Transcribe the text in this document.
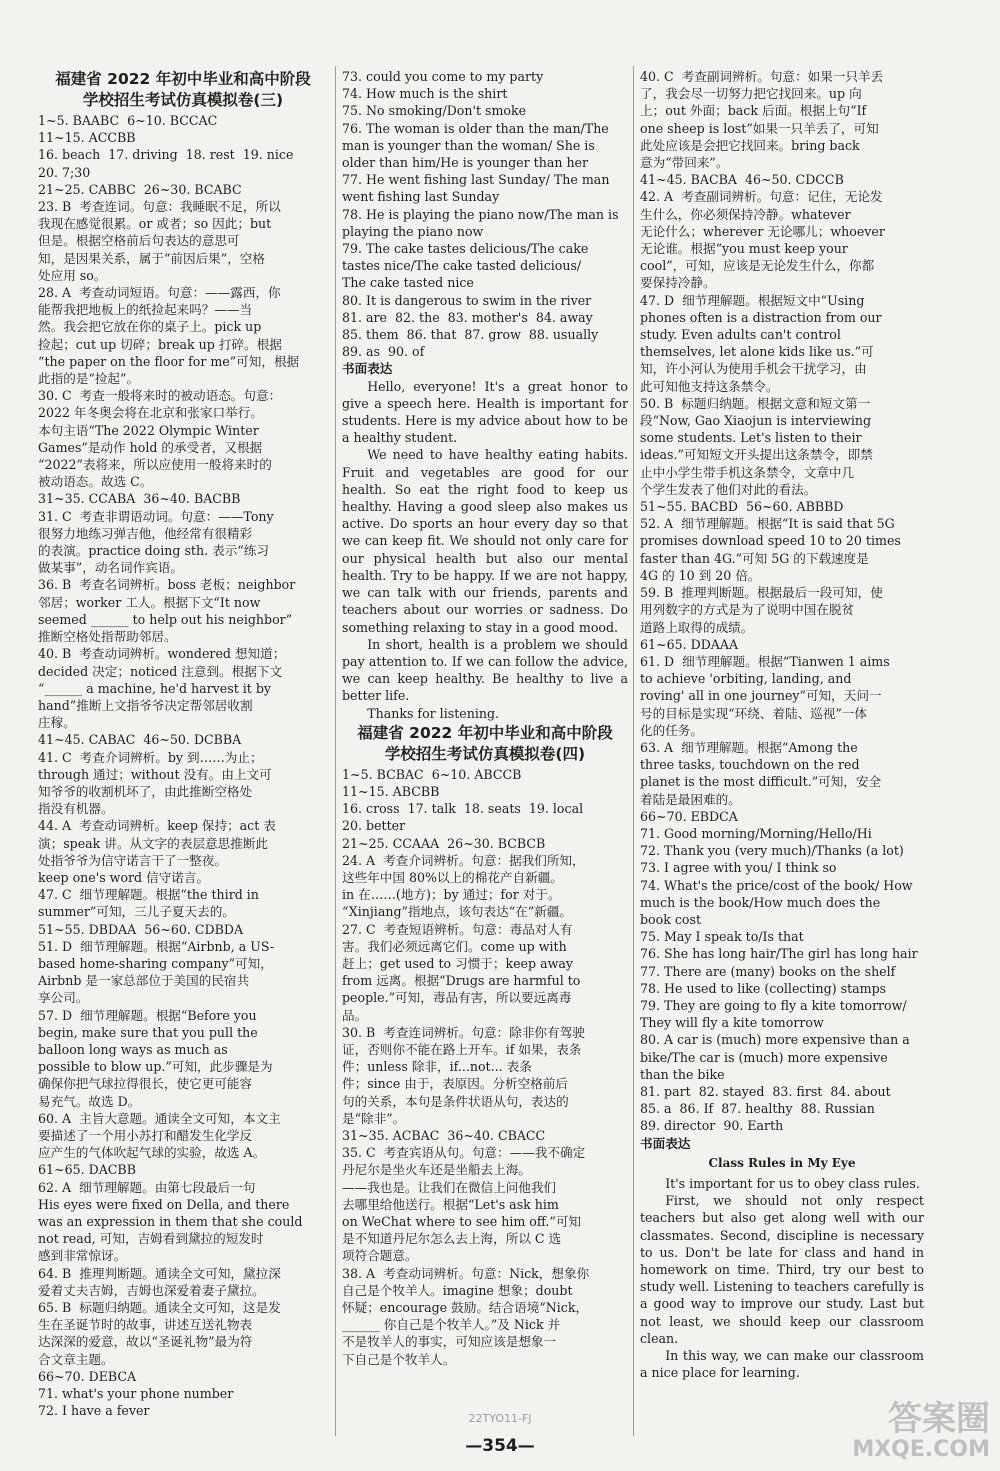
福建省 2022 年初中毕业和高中阶段
学校招生考试仿真模拟卷(三)
1~5. BAABC  6~10. BCCAC
11~15. ACCBB
16. beach  17. driving  18. rest  19. nice
20. 7;30
21~25. CABBC  26~30. BCABC
23. B  考查连词。句意：我睡眠不足，所以
我现在感觉很累。or 或者；so 因此；but
但是。根据空格前后句表达的意思可
知，是因果关系，属于“前因后果”，空格
处应用 so。
28. A  考查动词短语。句意：——露西，你
能帮我把地板上的纸捡起来吗？——当
然。我会把它放在你的桌子上。pick up
捡起；cut up 切碎；break up 打碎。根据
“the paper on the floor for me”可知，根据
此指的是“捡起”。
30. C  考查一般将来时的被动语态。句意：
2022 年冬奥会将在北京和张家口举行。
本句主语“The 2022 Olympic Winter
Games”是动作 hold 的承受者，又根据
“2022”表将来，所以应使用一般将来时的
被动语态。故选 C。
31~35. CCABA  36~40. BACBB
31. C  考查非谓语动词。句意：——Tony
很努力地练习弹吉他，他经常有很精彩
的表演。practice doing sth. 表示“练习
做某事”，动名词作宾语。
36. B  考查名词辨析。boss 老板；neighbor
邻居；worker 工人。根据下文“It now
seemed ______ to help out his neighbor”
推断空格处指帮助邻居。
40. B  考查动词辨析。wondered 想知道；
decided 决定；noticed 注意到。根据下文
“______ a machine, he'd harvest it by
hand”推断上文指爷爷决定帮邻居收割
庄稼。
41~45. CABAC  46~50. DCBBA
41. C  考查介词辨析。by 到……为止；
through 通过；without 没有。由上文可
知爷爷的收割机坏了，由此推断空格处
指没有机器。
44. A  考查动词辨析。keep 保持；act 表
演；speak 讲。从文字的表层意思推断此
处指爷爷为信守诺言干了一整夜。
keep one's word 信守诺言。
47. C  细节理解题。根据“the third in
summer”可知，三儿子夏天去的。
51~55. DBDAA  56~60. CDBDA
51. D  细节理解题。根据“Airbnb, a US-
based home-sharing company”可知，
Airbnb 是一家总部位于美国的民宿共
享公司。
57. D  细节理解题。根据“Before you
begin, make sure that you pull the
balloon long ways as much as
possible to blow up.”可知，此步骤是为
确保你把气球拉得很长，使它更可能容
易充气。故选 D。
60. A  主旨大意题。通读全文可知，本文主
要描述了一个用小苏打和醋发生化学反
应产生的气体吹起气球的实验，故选 A。
61~65. DACBB
62. A  细节理解题。由第七段最后一句
His eyes were fixed on Della, and there
was an expression in them that she could
not read, 可知，吉姆看到黛拉的短发时
感到非常惊讶。
64. B  推理判断题。通读全文可知，黛拉深
爱着丈夫吉姆，吉姆也深爱着妻子黛拉。
65. B  标题归纳题。通读全文可知，这是发
生在圣诞节时的故事，讲述互送礼物表
达深深的爱意，故以“圣诞礼物”最为符
合文章主题。
66~70. DEBCA
71. what's your phone number
72. I have a fever
73. could you come to my party
74. How much is the shirt
75. No smoking/Don't smoke
76. The woman is older than the man/The
man is younger than the woman/ She is
older than him/He is younger than her
77. He went fishing last Sunday/ The man
went fishing last Sunday
78. He is playing the piano now/The man is
playing the piano now
79. The cake tastes delicious/The cake
tastes nice/The cake tasted delicious/
The cake tasted nice
80. It is dangerous to swim in the river
81. are  82. the  83. mother's  84. away
85. them  86. that  87. grow  88. usually
89. as  90. of
书面表达
Hello, everyone! It's a great honor to give a speech here. Health is important for students. Here is my advice about how to be a healthy student.
We need to have healthy eating habits. Fruit and vegetables are good for our health. So eat the right food to keep us healthy. Having a good sleep also makes us active. Do sports an hour every day so that we can keep fit. We should not only care for our physical health but also our mental health. Try to be happy. If we are not happy, we can talk with our friends, parents and teachers about our worries or sadness. Do something relaxing to stay in a good mood.
In short, health is a problem we should pay attention to. If we can follow the advice, we can keep healthy. Be healthy to live a better life.
Thanks for listening.
福建省 2022 年初中毕业和高中阶段
学校招生考试仿真模拟卷(四)
1~5. BCBAC  6~10. ABCCB
11~15. ABCBB
16. cross  17. talk  18. seats  19. local
20. better
21~25. CCAAA  26~30. BCBCB
24. A  考查介词辨析。句意：据我们所知，
这些年中国 80%以上的棉花产自新疆。
in 在……(地方)；by 通过；for 对于。
“Xinjiang”指地点，该句表达“在”新疆。
27. C  考查短语辨析。句意：毒品对人有
害。我们必须远离它们。come up with
赶上；get used to 习惯于；keep away
from 远离。根据“Drugs are harmful to
people.”可知，毒品有害，所以要远离毒
品。
30. B  考查连词辨析。句意：除非你有驾驶
证，否则你不能在路上开车。if 如果，表条
件；unless 除非，if...not... 表条
件；since 由于，表原因。分析空格前后
句的关系，本句是条件状语从句，表达的
是“除非”。
31~35. ACBAC  36~40. CBACC
35. C  考查宾语从句。句意：——我不确定
丹尼尔是坐火车还是坐船去上海。
——我也是。让我们在微信上问他我们
去哪里给他送行。根据“Let's ask him
on WeChat where to see him off.”可知
是不知道丹尼尔怎么去上海，所以 C 选
项符合题意。
38. A  考查动词辨析。句意：Nick，想象你
自己是个牧羊人。imagine 想象；doubt
怀疑；encourage 鼓励。结合语境“Nick，
______ 你自己是个牧羊人。”及 Nick 并
不是牧羊人的事实，可知应该是想象一
下自己是个牧羊人。
40. C  考查副词辨析。句意：如果一只羊丢
了，我会尽一切努力把它找回来。up 向
上；out 外面；back 后面。根据上句“If
one sheep is lost”如果一只羊丢了，可知
此处应该是会把它找回来。bring back
意为“带回来”。
41~45. BACBA  46~50. CDCCB
42. A  考查副词辨析。句意：记住，无论发
生什么，你必须保持冷静。whatever
无论什么；wherever 无论哪儿；whoever
无论谁。根据“you must keep your
cool”，可知，应该是无论发生什么，你都
要保持冷静。
47. D  细节理解题。根据短文中“Using
phones often is a distraction from our
study. Even adults can't control
themselves, let alone kids like us.”可
知，许小河认为使用手机会干扰学习，由
此可知他支持这条禁令。
50. B  标题归纳题。根据文意和短文第一
段“Now, Gao Xiaojun is interviewing
some students. Let's listen to their
ideas.”可知短文开头提出这条禁令，即禁
止中小学生带手机这条禁令，文章中几
个学生发表了他们对此的看法。
51~55. BACBD  56~60. ABBBD
52. A  细节理解题。根据“It is said that 5G
promises download speed 10 to 20 times
faster than 4G.”可知 5G 的下载速度是
4G 的 10 到 20 倍。
59. B  推理判断题。根据最后一段可知，使
用列数字的方式是为了说明中国在脱贫
道路上取得的成绩。
61~65. DDAAA
61. D  细节理解题。根据“Tianwen 1 aims
to achieve 'orbiting, landing, and
roving' all in one journey”可知，天问一
号的目标是实现“环绕、着陆、巡视”一体
化的任务。
63. A  细节理解题。根据“Among the
three tasks, touchdown on the red
planet is the most difficult.”可知，安全
着陆是最困难的。
66~70. EBDCA
71. Good morning/Morning/Hello/Hi
72. Thank you (very much)/Thanks (a lot)
73. I agree with you/ I think so
74. What's the price/cost of the book/ How
much is the book/How much does the
book cost
75. May I speak to/Is that
76. She has long hair/The girl has long hair
77. There are (many) books on the shelf
78. He used to like (collecting) stamps
79. They are going to fly a kite tomorrow/
They will fly a kite tomorrow
80. A car is (much) more expensive than a
bike/The car is (much) more expensive
than the bike
81. part  82. stayed  83. first  84. about
85. a  86. If  87. healthy  88. Russian
89. director  90. Earth
书面表达
Class Rules in My Eye
It's important for us to obey class rules.
First, we should not only respect teachers but also get along well with our classmates. Second, discipline is necessary to us. Don't be late for class and hand in homework on time. Third, try our best to study well. Listening to teachers carefully is a good way to improve our study. Last but not least, we should keep our classroom clean.
In this way, we can make our classroom a nice place for learning.
22TYO11-FJ
—354—
答案圈
MXQE.COM
